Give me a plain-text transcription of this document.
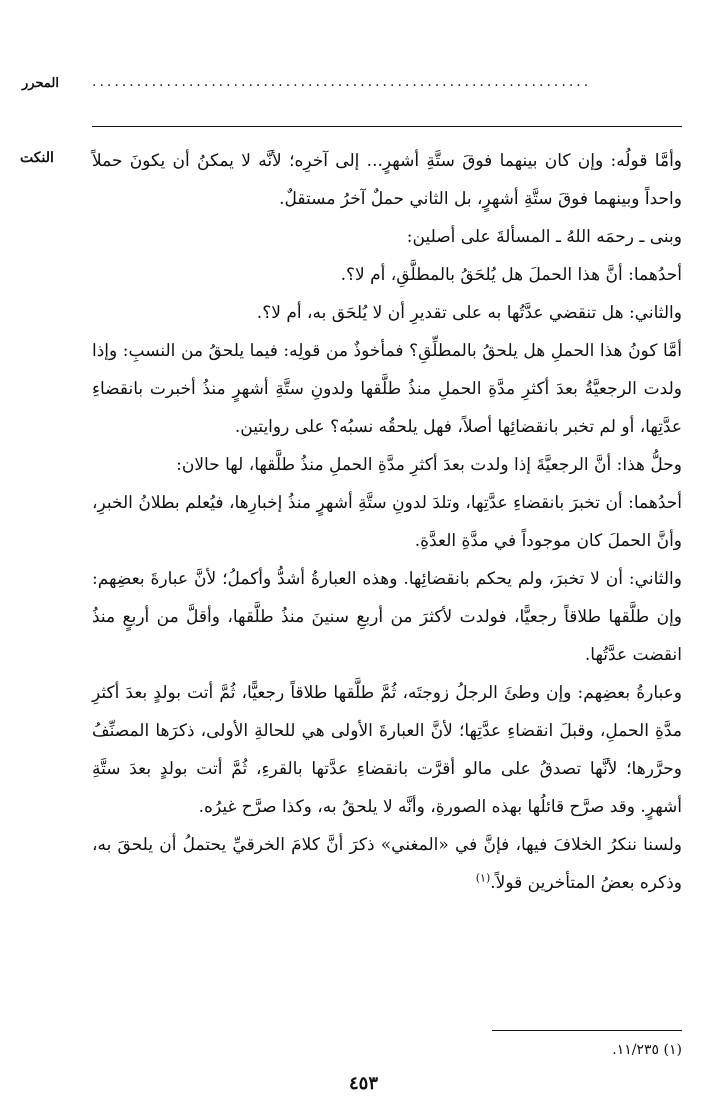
المحرر	...................................................................
النكت	وأمَّا قولُه: وإن كان بينهما فوقَ ستَّةِ أشهرٍ... إلى آخرِه؛ لأنَّه لا يمكنُ أن يكونَ حملاً واحداً وبينهما فوقَ ستَّةِ أشهرٍ، بل الثاني حملٌ آخرُ مستقلٌ.

وبنى ـ رحمَه اللهُ ـ المسألةَ على أصلين:

أحدُهما: أنَّ هذا الحملَ هل يُلحَقُ بالمطلَّقِ، أم لا؟.

والثاني: هل تنقضي عدَّتُها به على تقديرِ أن لا يُلحَق به، أم لا؟.

أمَّا كونُ هذا الحملِ هل يلحقُ بالمطلِّقِ؟ فمأخوذٌ من قولِه: فيما يلحقُ من النسبِ: وإذا ولدت الرجعيَّةُ بعدَ أكثرِ مدَّةِ الحملِ منذُ طلَّقها ولدونِ ستَّةِ أشهرٍ منذُ أخبرت بانقضاءِ عدَّتِها، أو لم تخبر بانقضائِها أصلاً، فهل يلحقُه نسبُه؟ على روايتين.

وحلُّ هذا: أنَّ الرجعيَّةَ إذا ولدت بعدَ أكثرِ مدَّةِ الحملِ منذُ طلَّقها، لها حالان:

أحدُهما: أن تخبرَ بانقضاءِ عدَّتِها، وتلدَ لدونِ ستَّةِ أشهرٍ منذُ إخبارِها، فيُعلم بطلانُ الخبرِ، وأنَّ الحملَ كان موجوداً في مدَّةِ العدَّةِ.

والثاني: أن لا تخبرَ، ولم يحكم بانقضائِها. وهذه العبارةُ أشدُّ وأكملُ؛ لأنَّ عبارةَ بعضِهم: وإن طلَّقها طلاقاً رجعيًّا، فولدت لأكثرَ من أربعِ سنينَ منذُ طلَّقها، وأقلَّ من أربعٍ منذُ انقضت عدَّتُها.

وعبارةُ بعضِهم: وإن وطئَ الرجلُ زوجتَه، ثُمَّ طلَّقها طلاقاً رجعيًّا، ثُمَّ أتت بولدٍ بعدَ أكثرِ مدَّةِ الحملِ، وقبلَ انقضاءِ عدَّتِها؛ لأنَّ العبارةَ الأولى هي للحالةِ الأولى، ذكرَها المصنِّفُ وحرَّرها؛ لأنَّها تصدقُ على مالو أقرَّت بانقضاءِ عدَّتها بالقرءِ، ثُمَّ أتت بولدٍ بعدَ ستَّةِ أشهرٍ. وقد صرَّح قائلُها بهذه الصورةِ، وأنَّه لا يلحقُ به، وكذا صرَّح غيرُه.

ولسنا ننكرُ الخلافَ فيها، فإنَّ في «المغني» ذكرَ أنَّ كلامَ الخرقيِّ يحتملُ أن يلحقَ به، وذكره بعضُ المتأخرين قولاً.$^{(١)}$

(١) ١١/٢٣٥.
٤٥٣
